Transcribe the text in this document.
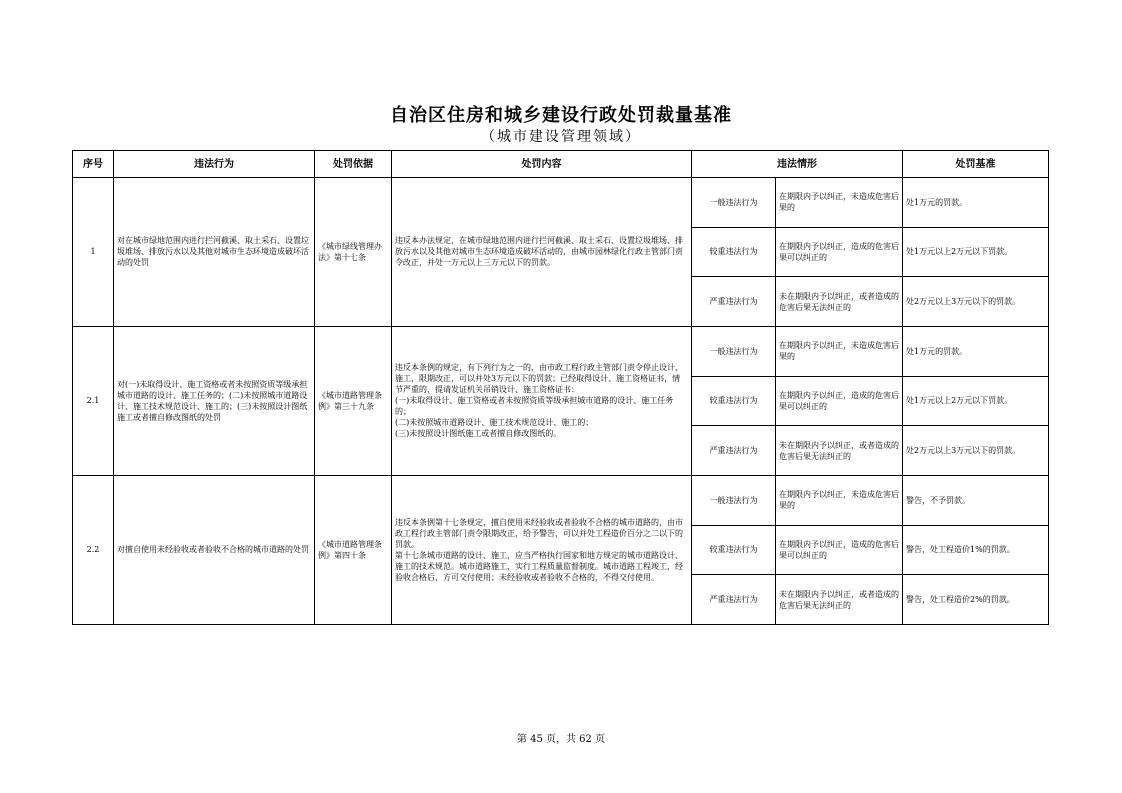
自治区住房和城乡建设行政处罚裁量基准
（城市建设管理领域）
序号	违法行为	处罚依据	处罚内容	违法情形		处罚基准
1	对在城市绿地范围内进行拦河截溪、取土采石、设置垃圾堆场、排放污水以及其他对城市生态环境造成破坏活动的处罚	《城市绿线管理办法》第十七条	违反本办法规定，在城市绿地范围内进行拦河截溪、取土采石、设置垃圾堆场、排放污水以及其他对城市生态环境造成破坏活动的，由城市园林绿化行政主管部门责令改正，并处一万元以上三万元以下的罚款。	一般违法行为	在期限内予以纠正，未造成危害后果的	处1万元的罚款。
				较重违法行为	在期限内予以纠正，造成的危害后果可以纠正的	处1万元以上2万元以下罚款。
				严重违法行为	未在期限内予以纠正，或者造成的危害后果无法纠正的	处2万元以上3万元以下的罚款。
2.1	对(一)未取得设计、施工资格或者未按照资质等级承担城市道路的设计、施工任务的；(二)未按照城市道路设计、施工技术规范设计、施工的；(三)未按照设计图纸施工或者擅自修改图纸的处罚	《城市道路管理条例》第三十九条	违反本条例的规定，有下列行为之一的，由市政工程行政主管部门责令停止设计、施工，限期改正，可以并处3万元以下的罚款；已经取得设计、施工资格证书，情节严重的，提请发证机关吊销设计、施工资格证书：
(一)未取得设计、施工资格或者未按照资质等级承担城市道路的设计、施工任务的；
(二)未按照城市道路设计、施工技术规范设计、施工的；
(三)未按照设计图纸施工或者擅自修改图纸的。	一般违法行为	在期限内予以纠正，未造成危害后果的	处1万元的罚款。
				较重违法行为	在期限内予以纠正，造成的危害后果可以纠正的	处1万元以上2万元以下罚款。
				严重违法行为	未在期限内予以纠正，或者造成的危害后果无法纠正的	处2万元以上3万元以下的罚款。
2.2	对擅自使用未经验收或者验收不合格的城市道路的处罚	《城市道路管理条例》第四十条	违反本条例第十七条规定，擅自使用未经验收或者验收不合格的城市道路的，由市政工程行政主管部门责令限期改正，给予警告，可以并处工程造价百分之二以下的罚款。
第十七条城市道路的设计、施工，应当严格执行国家和地方规定的城市道路设计、施工的技术规范。城市道路施工，实行工程质量监督制度。城市道路工程竣工，经验收合格后，方可交付使用；未经验收或者验收不合格的，不得交付使用。	一般违法行为	在期限内予以纠正，未造成危害后果的	警告，不予罚款。
				较重违法行为	在期限内予以纠正，造成的危害后果可以纠正的	警告，处工程造价1%的罚款。
				严重违法行为	未在期限内予以纠正，或者造成的危害后果无法纠正的	警告，处工程造价2%的罚款。
第 45 页，共 62 页
